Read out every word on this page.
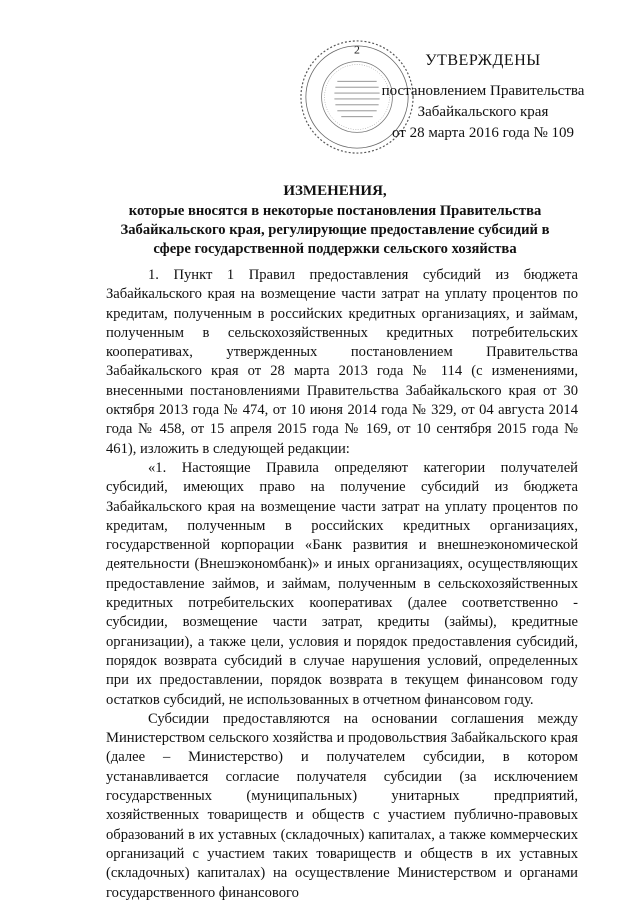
2
УТВЕРЖДЕНЫ
постановлением Правительства
Забайкальского края
от 28 марта 2016 года № 109
ИЗМЕНЕНИЯ,
которые вносятся в некоторые постановления Правительства Забайкальского края, регулирующие предоставление субсидий в сфере государственной поддержки сельского хозяйства

1. Пункт 1 Правил предоставления субсидий из бюджета Забайкальского края на возмещение части затрат на уплату процентов по кредитам, полученным в российских кредитных организациях, и займам, полученным в сельскохозяйственных кредитных потребительских кооперативах, утвержденных постановлением Правительства Забайкальского края от 28 марта 2013 года № 114 (с изменениями, внесенными постановлениями Правительства Забайкальского края от 30 октября 2013 года № 474, от 10 июня 2014 года № 329, от 04 августа 2014 года № 458, от 15 апреля 2015 года № 169, от 10 сентября 2015 года № 461), изложить в следующей редакции:

«1. Настоящие Правила определяют категории получателей субсидий, имеющих право на получение субсидий из бюджета Забайкальского края на возмещение части затрат на уплату процентов по кредитам, полученным в российских кредитных организациях, государственной корпорации «Банк развития и внешнеэкономической деятельности (Внешэкономбанк)» и иных организациях, осуществляющих предоставление займов, и займам, полученным в сельскохозяйственных кредитных потребительских кооперативах (далее соответственно - субсидии, возмещение части затрат, кредиты (займы), кредитные организации), а также цели, условия и порядок предоставления субсидий, порядок возврата субсидий в случае нарушения условий, определенных при их предоставлении, порядок возврата в текущем финансовом году остатков субсидий, не использованных в отчетном финансовом году.

Субсидии предоставляются на основании соглашения между Министерством сельского хозяйства и продовольствия Забайкальского края (далее – Министерство) и получателем субсидии, в котором устанавливается согласие получателя субсидии (за исключением государственных (муниципальных) унитарных предприятий, хозяйственных товариществ и обществ с участием публично-правовых образований в их уставных (складочных) капиталах, а также коммерческих организаций с участием таких товариществ и обществ в их уставных (складочных) капиталах) на осуществление Министерством и органами государственного финансового
